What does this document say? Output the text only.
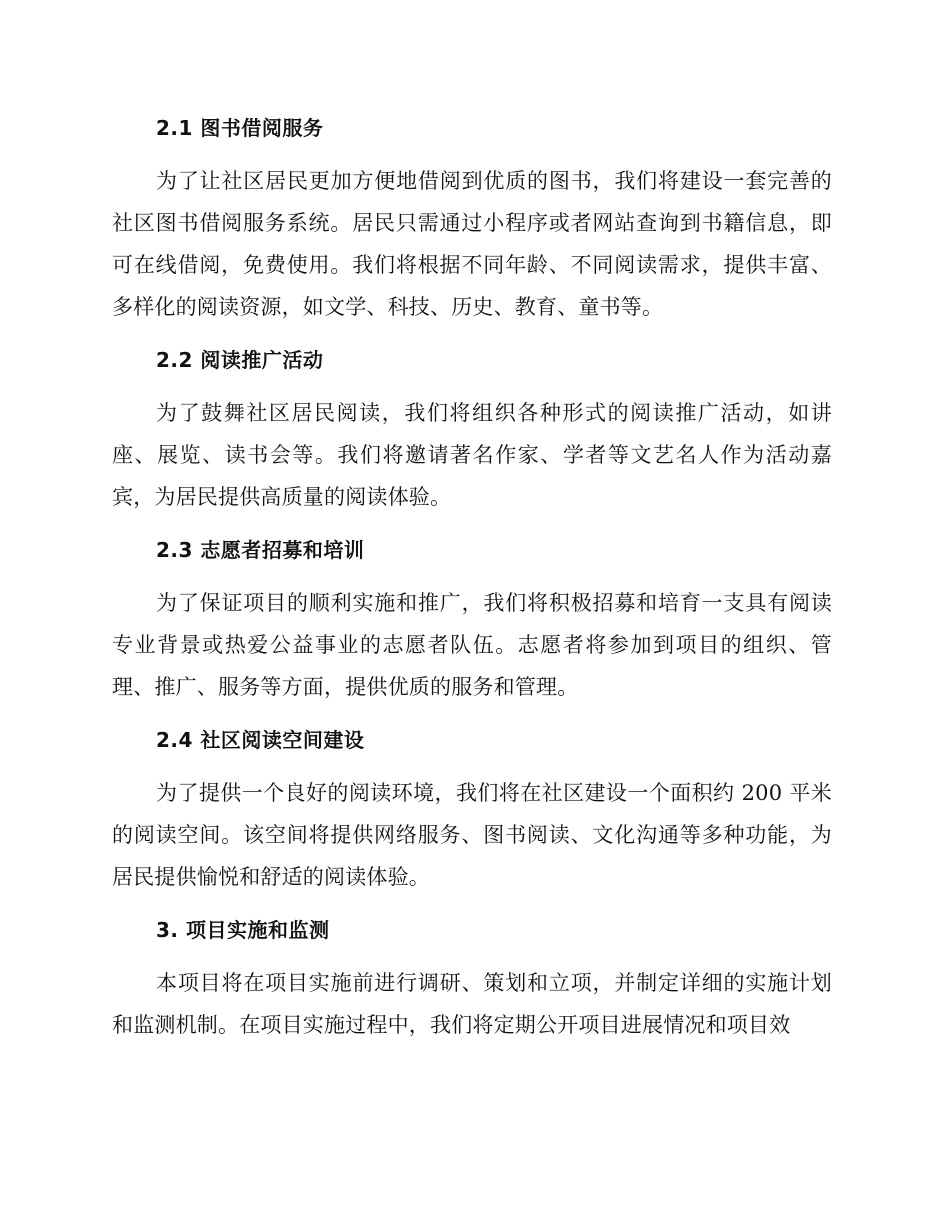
2.1 图书借阅服务

为了让社区居民更加方便地借阅到优质的图书，我们将建设一套完善的社区图书借阅服务系统。居民只需通过小程序或者网站查询到书籍信息，即可在线借阅，免费使用。我们将根据不同年龄、不同阅读需求，提供丰富、多样化的阅读资源，如文学、科技、历史、教育、童书等。

2.2 阅读推广活动

为了鼓舞社区居民阅读，我们将组织各种形式的阅读推广活动，如讲座、展览、读书会等。我们将邀请著名作家、学者等文艺名人作为活动嘉宾，为居民提供高质量的阅读体验。

2.3 志愿者招募和培训

为了保证项目的顺利实施和推广，我们将积极招募和培育一支具有阅读专业背景或热爱公益事业的志愿者队伍。志愿者将参加到项目的组织、管理、推广、服务等方面，提供优质的服务和管理。

2.4 社区阅读空间建设

为了提供一个良好的阅读环境，我们将在社区建设一个面积约 200 平米的阅读空间。该空间将提供网络服务、图书阅读、文化沟通等多种功能，为居民提供愉悦和舒适的阅读体验。

3. 项目实施和监测

本项目将在项目实施前进行调研、策划和立项，并制定详细的实施计划和监测机制。在项目实施过程中，我们将定期公开项目进展情况和项目效
